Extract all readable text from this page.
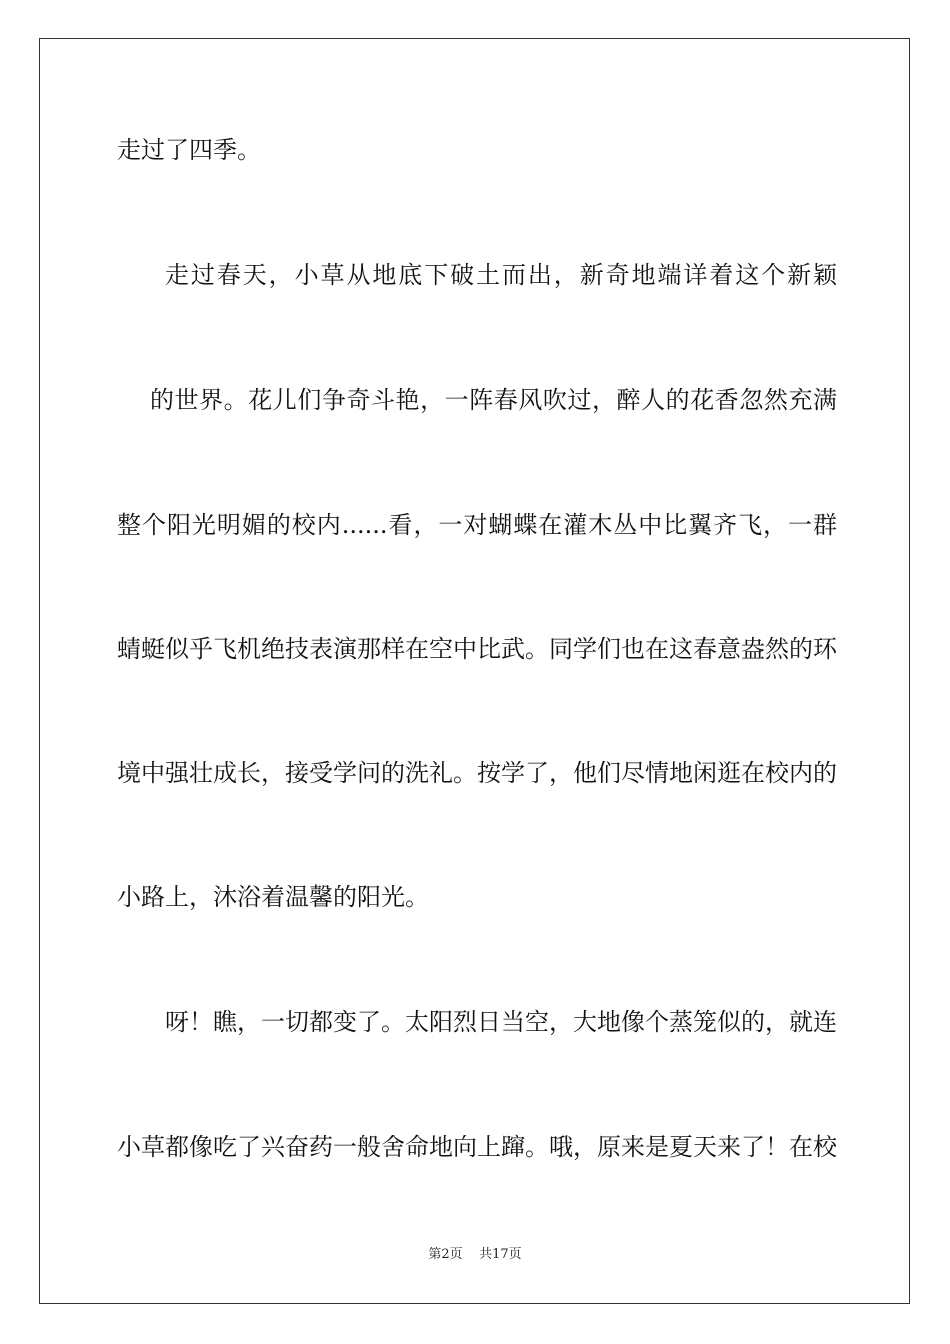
走过了四季。
走过春天，小草从地底下破土而出，新奇地端详着这个新颖
的世界。花儿们争奇斗艳，一阵春风吹过，醉人的花香忽然充满
整个阳光明媚的校内......看，一对蝴蝶在灌木丛中比翼齐飞，一群
蜻蜓似乎飞机绝技表演那样在空中比武。同学们也在这春意盎然的环
境中强壮成长，接受学问的洗礼。按学了，他们尽情地闲逛在校内的
小路上，沐浴着温馨的阳光。
呀！瞧，一切都变了。太阳烈日当空，大地像个蒸笼似的，就连
小草都像吃了兴奋药一般舍命地向上蹿。哦，原来是夏天来了！在校
第2页 共17页
